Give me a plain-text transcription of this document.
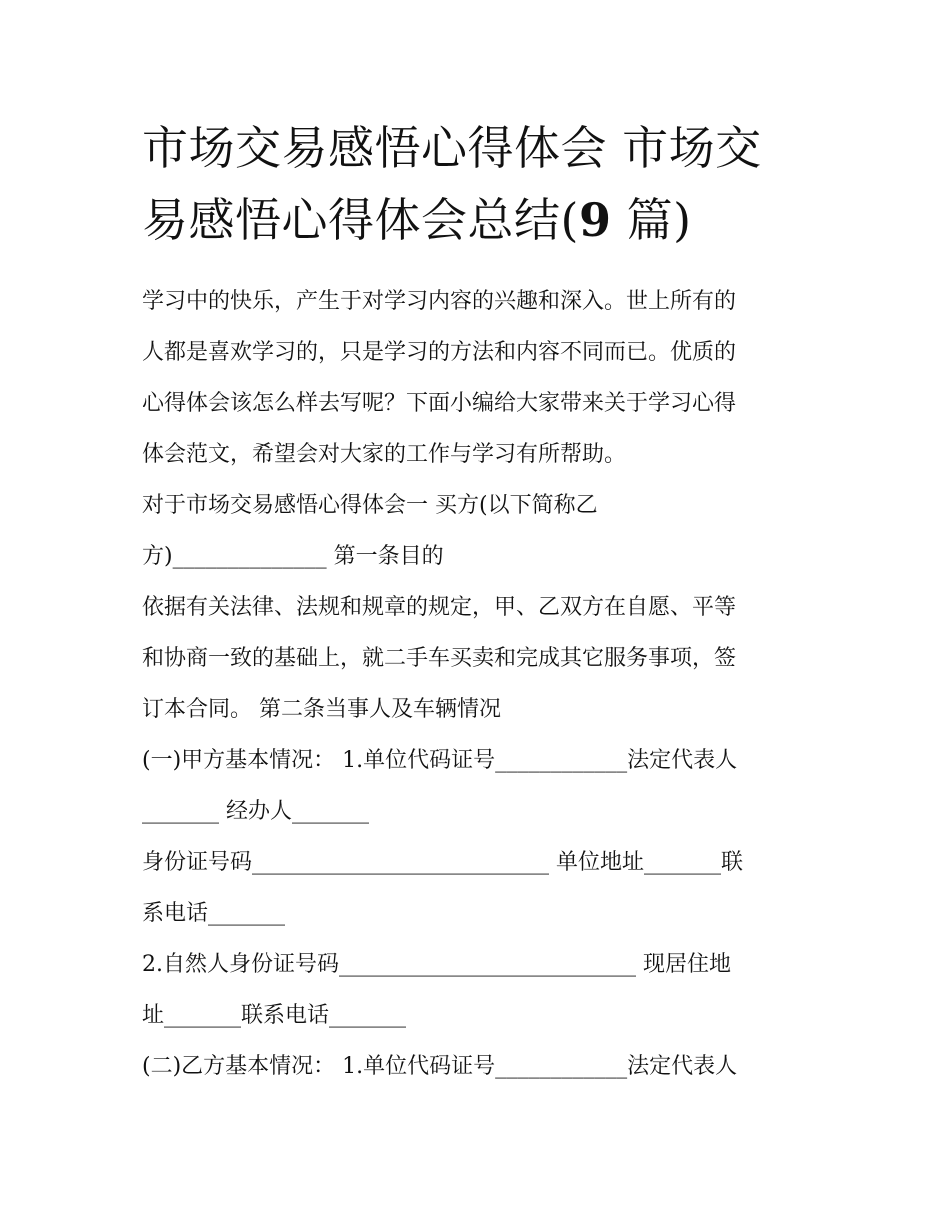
市场交易感悟心得体会 市场交
易感悟心得体会总结(9 篇)
学习中的快乐，产生于对学习内容的兴趣和深入。世上所有的
人都是喜欢学习的，只是学习的方法和内容不同而已。优质的
心得体会该怎么样去写呢？下面小编给大家带来关于学习心得
体会范文，希望会对大家的工作与学习有所帮助。
对于市场交易感悟心得体会一 买方(以下简称乙
方)______________ 第一条目的
依据有关法律、法规和规章的规定，甲、乙双方在自愿、平等
和协商一致的基础上，就二手车买卖和完成其它服务事项，签
订本合同。 第二条当事人及车辆情况
(一)甲方基本情况： 1.单位代码证号____________法定代表人
_______ 经办人_______
身份证号码___________________________ 单位地址_______联
系电话_______
2.自然人身份证号码___________________________ 现居住地
址_______联系电话_______
(二)乙方基本情况： 1.单位代码证号____________法定代表人
